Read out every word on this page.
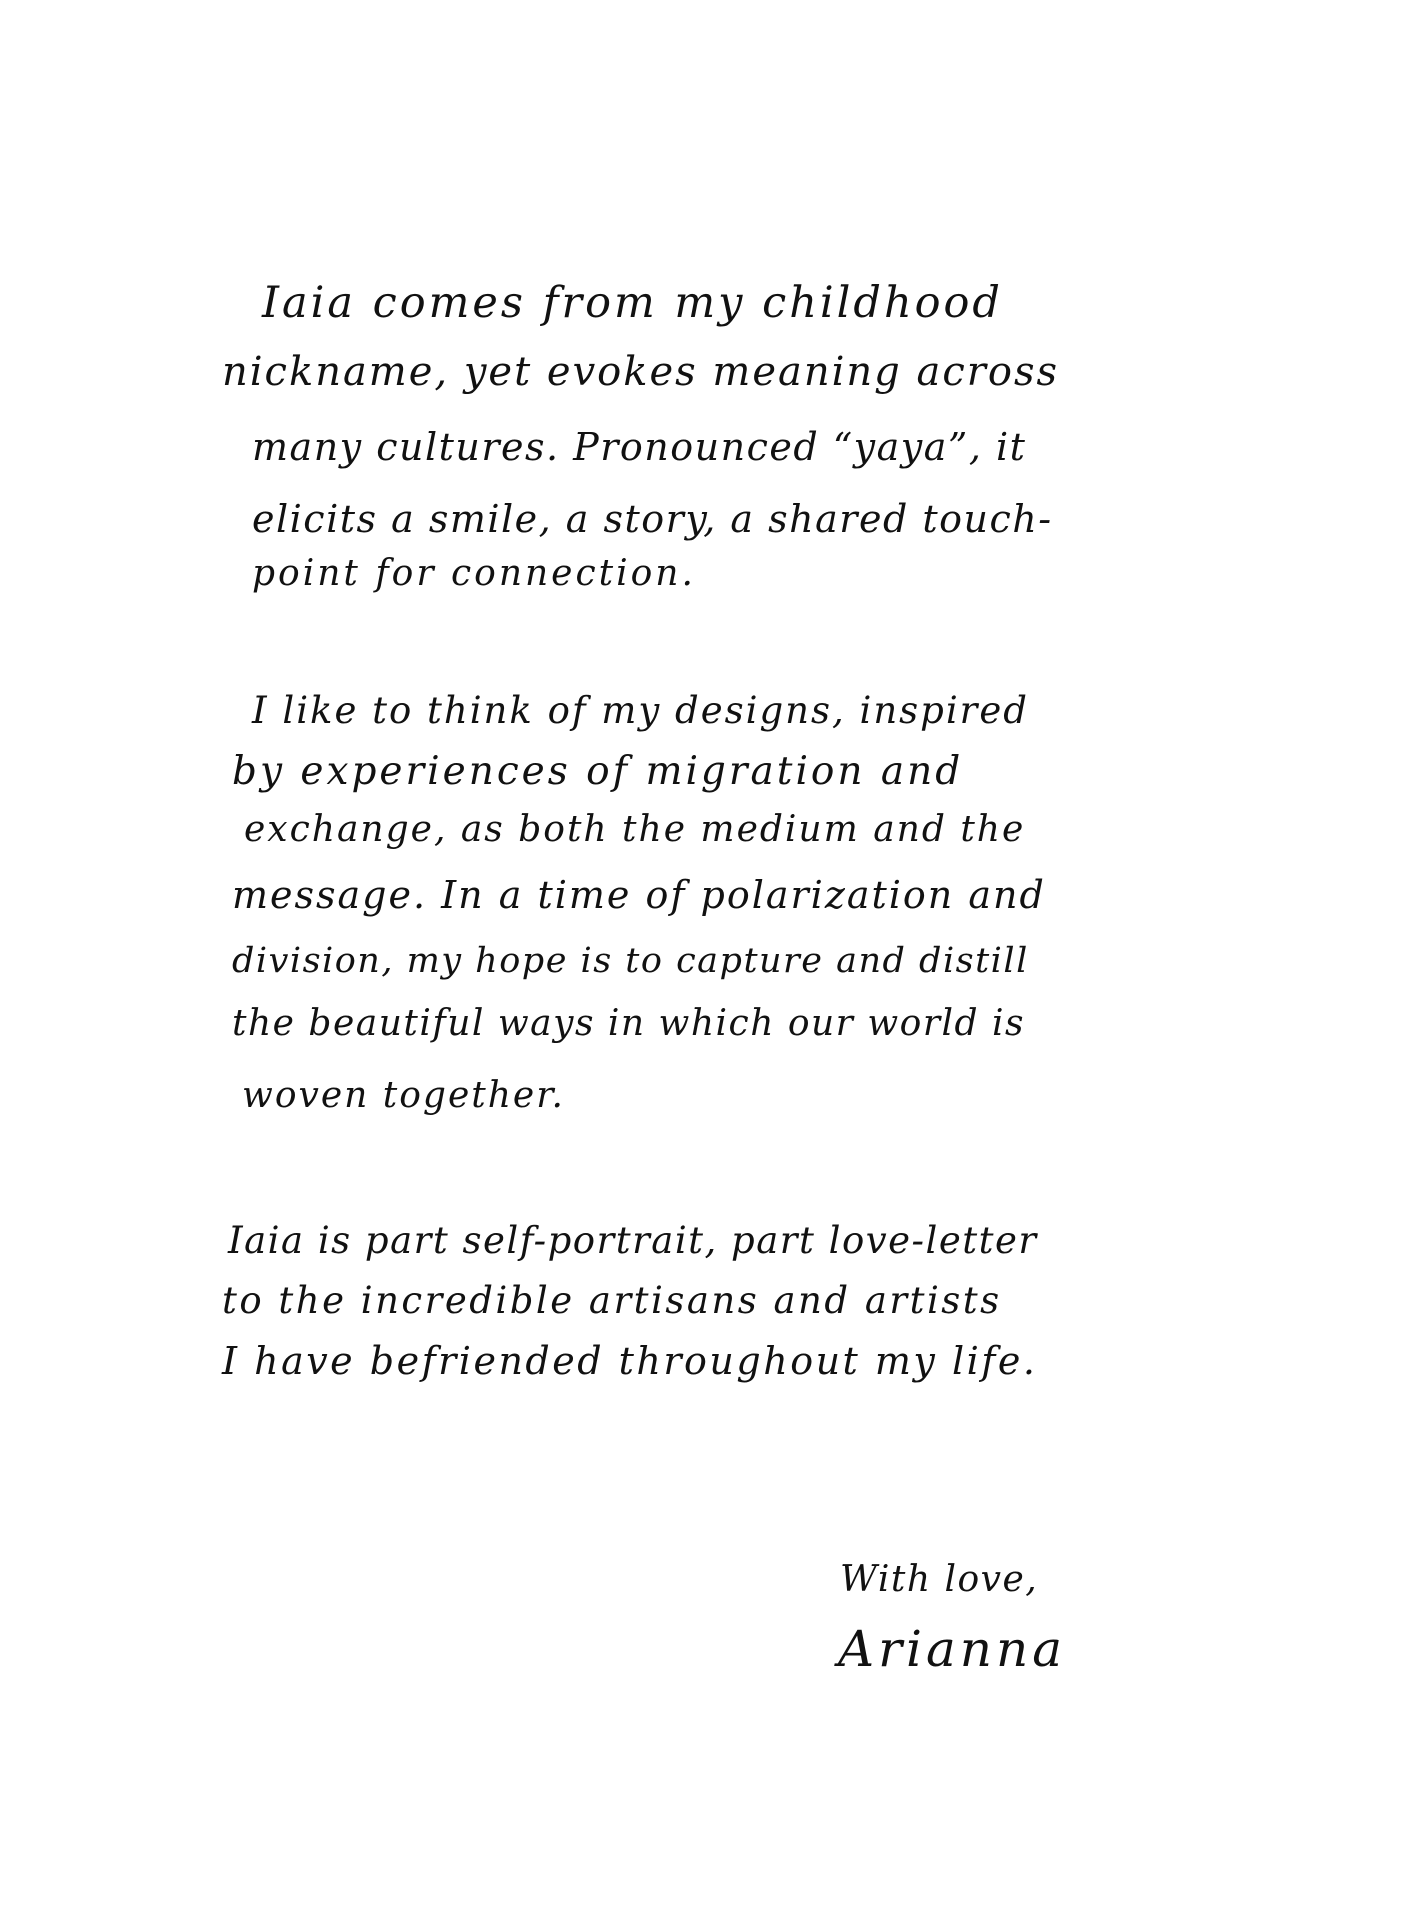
Iaia comes from my childhood
nickname, yet evokes meaning across
many cultures. Pronounced “yaya”, it
elicits a smile, a story, a shared touch-
point for connection.
I like to think of my designs, inspired
by experiences of migration and
exchange, as both the medium and the
message. In a time of polarization and
division, my hope is to capture and distill
the beautiful ways in which our world is
woven together.
Iaia is part self-portrait, part love-letter
to the incredible artisans and artists
I have befriended throughout my life.
With love,
Arianna
